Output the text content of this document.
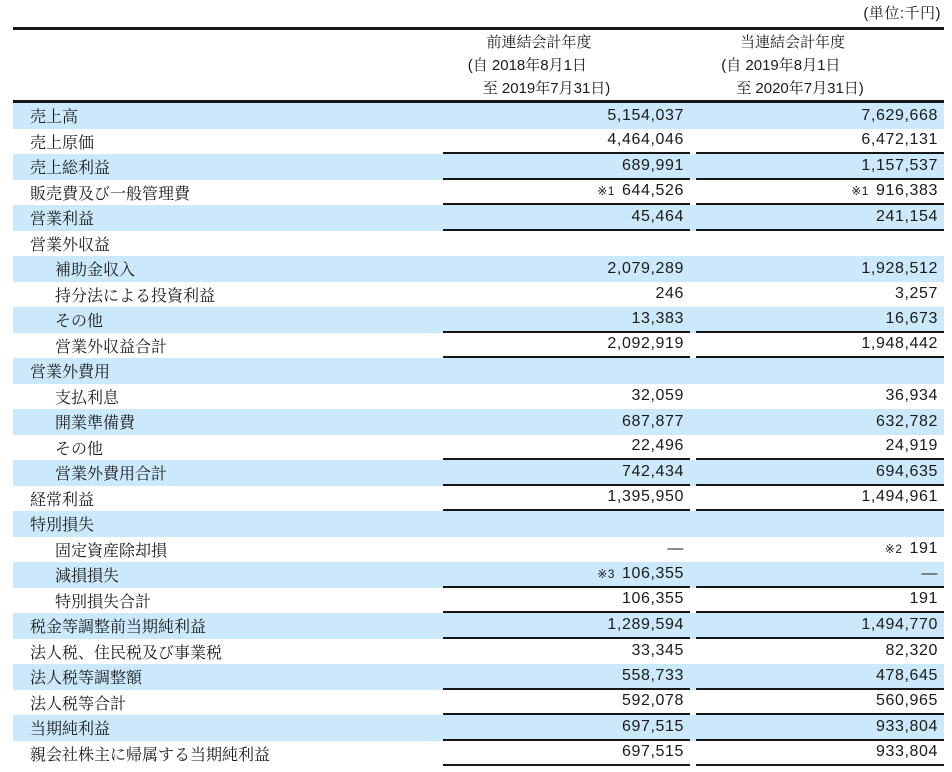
(単位:千円)
前連結会計年度
(自 2018年8月1日
至 2019年7月31日)
当連結会計年度
(自 2019年8月1日
至 2020年7月31日)
売上高	5,154,037	7,629,668
売上原価	4,464,046	6,472,131
売上総利益	689,991	1,157,537
販売費及び一般管理費	※1 644,526	※1 916,383
営業利益	45,464	241,154
営業外収益
補助金収入	2,079,289	1,928,512
持分法による投資利益	246	3,257
その他	13,383	16,673
営業外収益合計	2,092,919	1,948,442
営業外費用
支払利息	32,059	36,934
開業準備費	687,877	632,782
その他	22,496	24,919
営業外費用合計	742,434	694,635
経常利益	1,395,950	1,494,961
特別損失
固定資産除却損	―	※2 191
減損損失	※3 106,355	―
特別損失合計	106,355	191
税金等調整前当期純利益	1,289,594	1,494,770
法人税、住民税及び事業税	33,345	82,320
法人税等調整額	558,733	478,645
法人税等合計	592,078	560,965
当期純利益	697,515	933,804
親会社株主に帰属する当期純利益	697,515	933,804
